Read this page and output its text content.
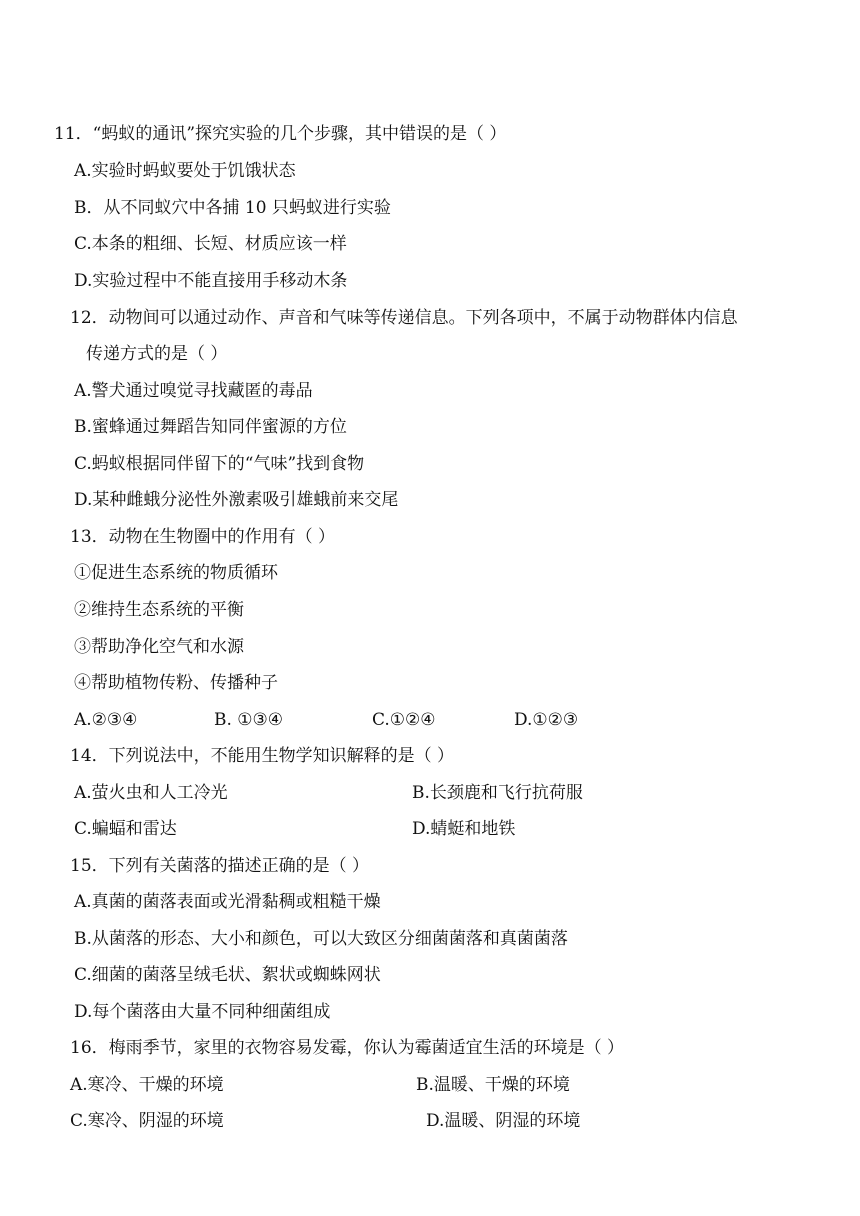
11．“蚂蚁的通讯”探究实验的几个步骤，其中错误的是（ ）
A.实验时蚂蚁要处于饥饿状态
B．从不同蚁穴中各捕 10 只蚂蚁进行实验
C.本条的粗细、长短、材质应该一样
D.实验过程中不能直接用手移动木条
12．动物间可以通过动作、声音和气味等传递信息。下列各项中，不属于动物群体内信息
传递方式的是（ ）
A.警犬通过嗅觉寻找藏匿的毒品
B.蜜蜂通过舞蹈告知同伴蜜源的方位
C.蚂蚁根据同伴留下的“气味”找到食物
D.某种雌蛾分泌性外激素吸引雄蛾前来交尾
13．动物在生物圈中的作用有（ ）
①促进生态系统的物质循环
②维持生态系统的平衡
③帮助净化空气和水源
④帮助植物传粉、传播种子
A.②③④	B. ①③④	C.①②④	D.①②③
14．下列说法中，不能用生物学知识解释的是（ ）
A.萤火虫和人工冷光	B.长颈鹿和飞行抗荷服
C.蝙蝠和雷达	D.蜻蜓和地铁
15．下列有关菌落的描述正确的是（ ）
A.真菌的菌落表面或光滑黏稠或粗糙干燥
B.从菌落的形态、大小和颜色，可以大致区分细菌菌落和真菌菌落
C.细菌的菌落呈绒毛状、絮状或蜘蛛网状
D.每个菌落由大量不同种细菌组成
16．梅雨季节，家里的衣物容易发霉，你认为霉菌适宜生活的环境是（ ）
A.寒冷、干燥的环境	B.温暖、干燥的环境
C.寒冷、阴湿的环境	D.温暖、阴湿的环境
